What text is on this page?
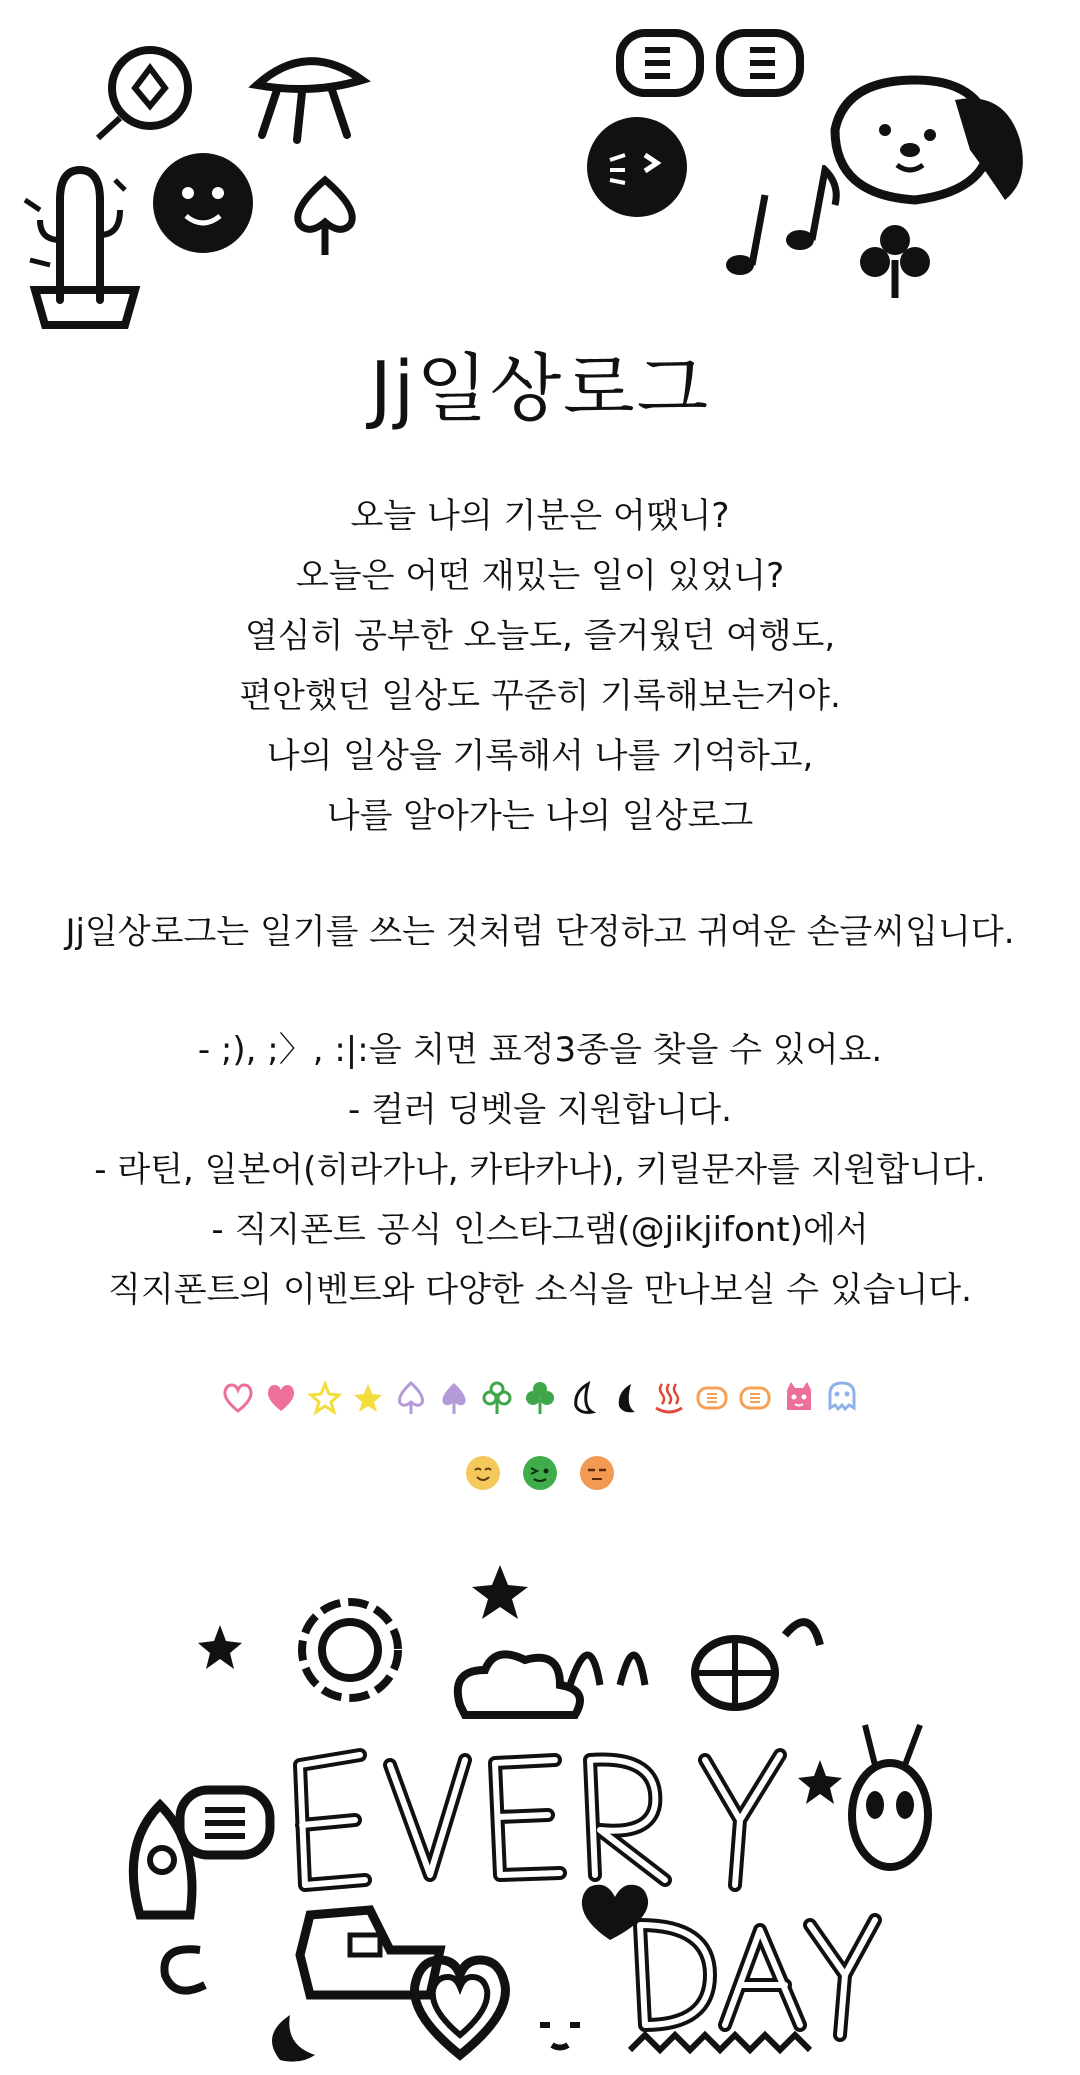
Jj일상로그
오늘 나의 기분은 어땠니?
오늘은 어떤 재밌는 일이 있었니?
열심히 공부한 오늘도, 즐거웠던 여행도,
편안했던 일상도 꾸준히 기록해보는거야.
나의 일상을 기록해서 나를 기억하고,
나를 알아가는 나의 일상로그
Jj일상로그는 일기를 쓰는 것처럼 단정하고 귀여운 손글씨입니다.
- ;), ;〉, :|:을 치면 표정3종을 찾을 수 있어요.
- 컬러 딩벳을 지원합니다.
- 라틴, 일본어(히라가나, 카타카나), 키릴문자를 지원합니다.
- 직지폰트 공식 인스타그램(@jikjifont)에서
직지폰트의 이벤트와 다양한 소식을 만나보실 수 있습니다.
